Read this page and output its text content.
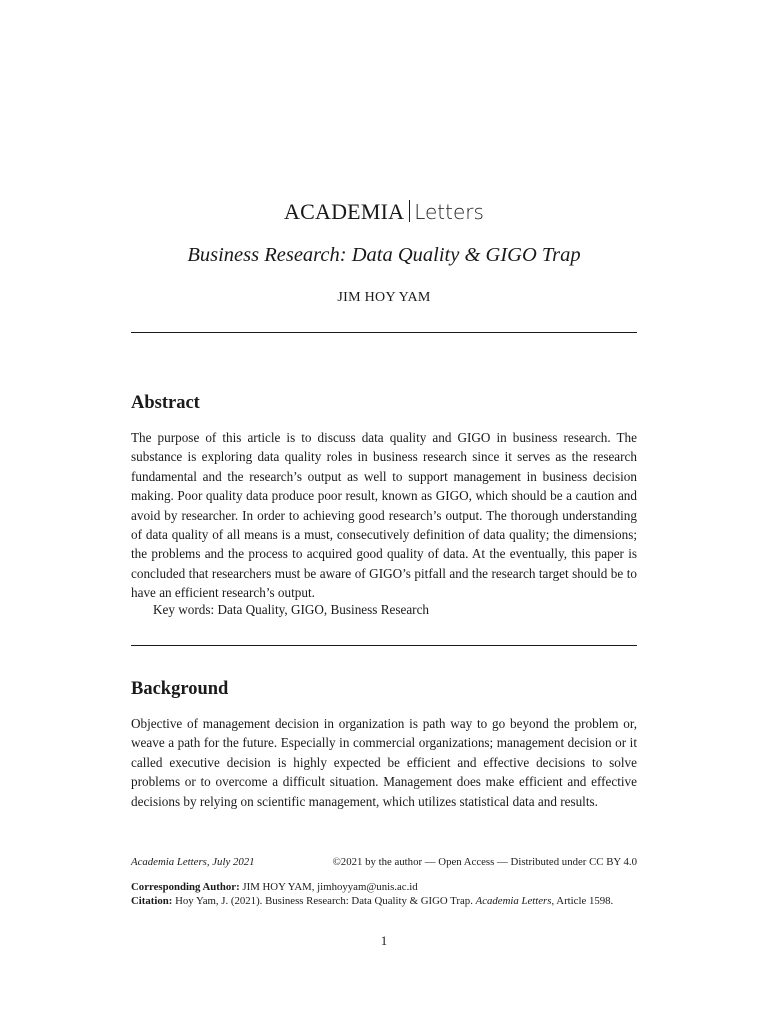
ACADEMIA Letters
Business Research: Data Quality & GIGO Trap
JIM HOY YAM
Abstract
The purpose of this article is to discuss data quality and GIGO in business research. The substance is exploring data quality roles in business research since it serves as the research fundamental and the research’s output as well to support management in business decision making. Poor quality data produce poor result, known as GIGO, which should be a caution and avoid by researcher. In order to achieving good research’s output. The thorough understanding of data quality of all means is a must, consecutively definition of data quality; the dimensions; the problems and the process to acquired good quality of data. At the eventually, this paper is concluded that researchers must be aware of GIGO’s pitfall and the research target should be to have an efficient research’s output.
Key words: Data Quality, GIGO, Business Research
Background
Objective of management decision in organization is path way to go beyond the problem or, weave a path for the future. Especially in commercial organizations; management decision or it called executive decision is highly expected be efficient and effective decisions to solve problems or to overcome a difficult situation. Management does make efficient and effective decisions by relying on scientific management, which utilizes statistical data and results.
Academia Letters, July 2021	©2021 by the author — Open Access — Distributed under CC BY 4.0
Corresponding Author: JIM HOY YAM, jimhoyyam@unis.ac.id
Citation: Hoy Yam, J. (2021). Business Research: Data Quality & GIGO Trap. Academia Letters, Article 1598.
1
